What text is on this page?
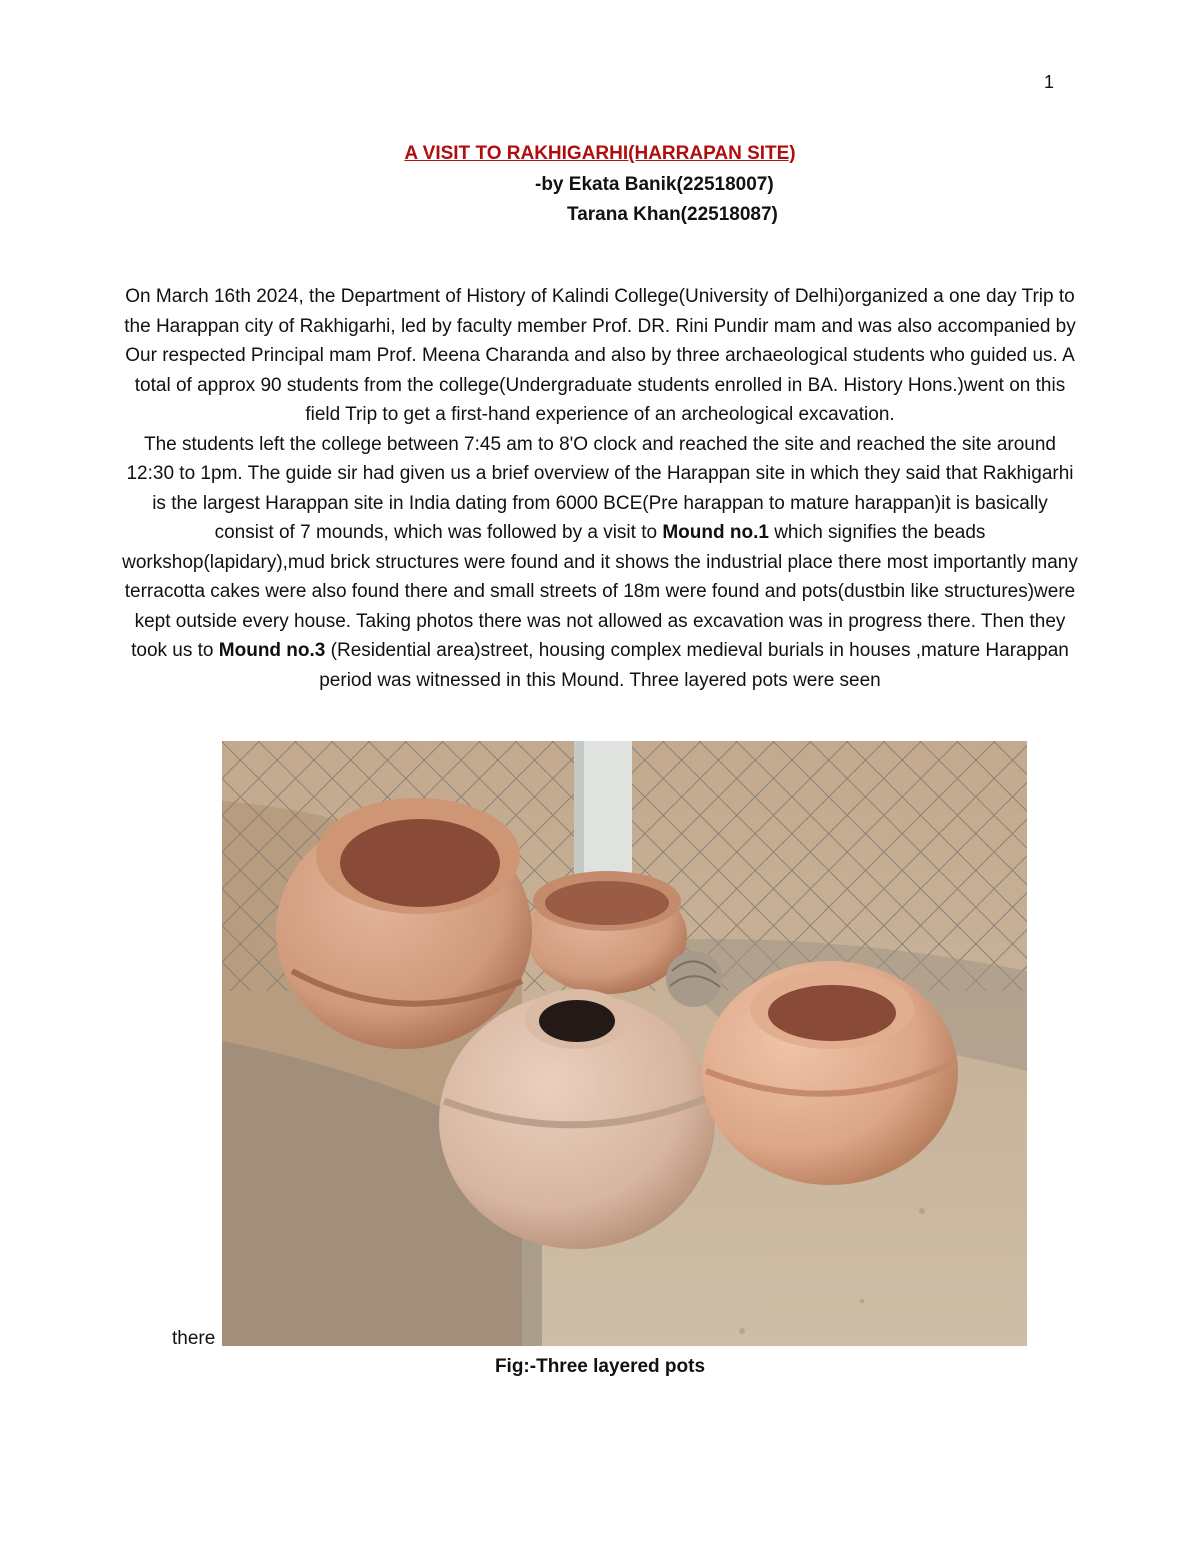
1
A VISIT TO RAKHIGARHI(HARRAPAN SITE)
-by Ekata Banik(22518007)
Tarana Khan(22518087)

On March 16th 2024, the Department of History of Kalindi College(University of Delhi)organized a one day Trip to the Harappan city of Rakhigarhi, led by faculty member Prof. DR. Rini Pundir mam and was also accompanied by Our respected Principal mam Prof. Meena Charanda and also by three archaeological students who guided us. A total of approx 90 students from the college(Undergraduate students enrolled in BA. History Hons.)went on this field Trip to get a first-hand experience of an archeological excavation.

The students left the college between 7:45 am to 8'O clock and reached the site and reached the site around 12:30 to 1pm. The guide sir had given us a brief overview of the Harappan site in which they said that Rakhigarhi is the largest Harappan site in India dating from 6000 BCE(Pre harappan to mature harappan)it is basically consist of 7 mounds, which was followed by a visit to Mound no.1 which signifies the beads workshop(lapidary),mud brick structures were found and it shows the industrial place there most importantly many terracotta cakes were also found there and small streets of 18m were found and pots(dustbin like structures)were kept outside every house. Taking photos there was not allowed as excavation was in progress there. Then they took us to Mound no.3 (Residential area)street, housing complex medieval burials in houses ,mature Harappan period was witnessed in this Mound. Three layered pots were seen

there
Fig:-Three layered pots
